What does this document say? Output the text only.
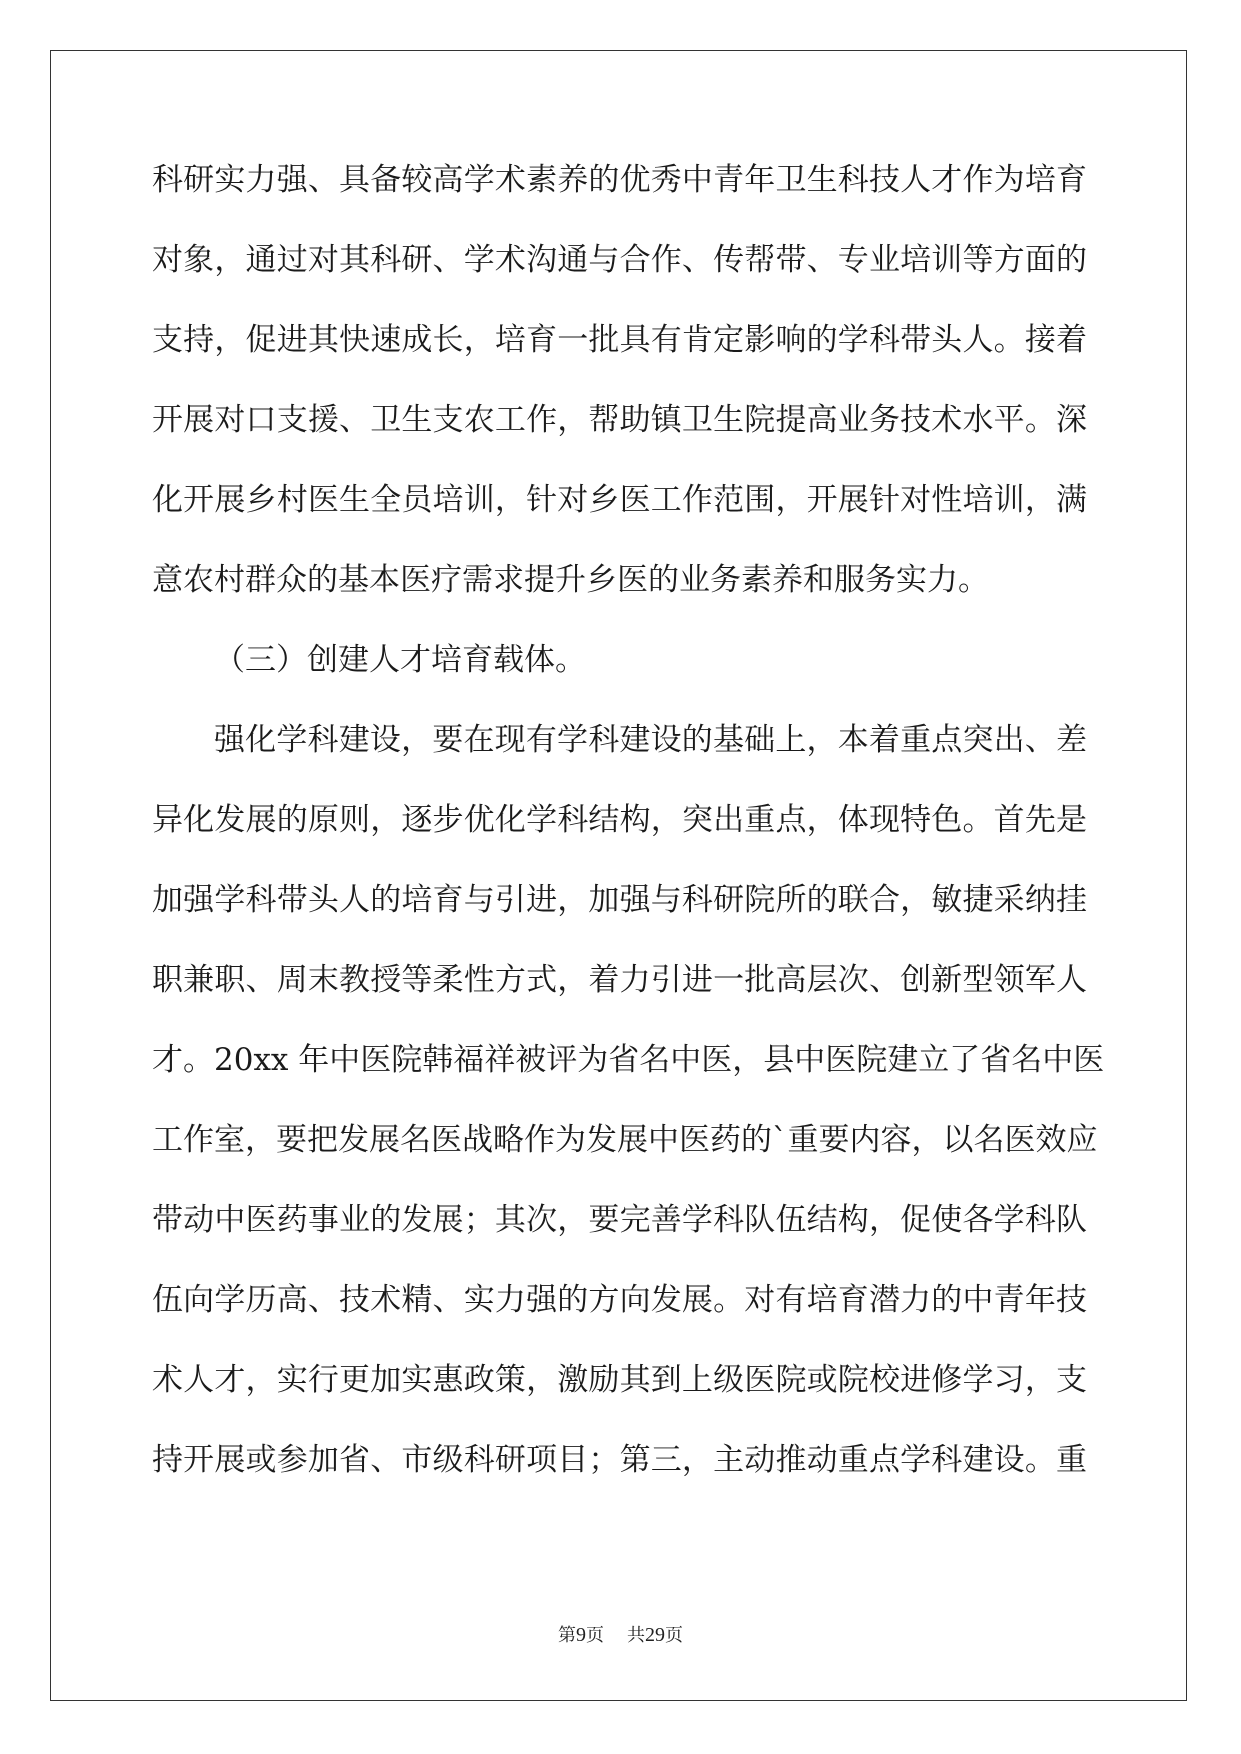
科研实力强、具备较高学术素养的优秀中青年卫生科技人才作为培育
对象，通过对其科研、学术沟通与合作、传帮带、专业培训等方面的
支持，促进其快速成长，培育一批具有肯定影响的学科带头人。接着
开展对口支援、卫生支农工作，帮助镇卫生院提高业务技术水平。深
化开展乡村医生全员培训，针对乡医工作范围，开展针对性培训，满
意农村群众的基本医疗需求提升乡医的业务素养和服务实力。
（三）创建人才培育载体。
强化学科建设，要在现有学科建设的基础上，本着重点突出、差
异化发展的原则，逐步优化学科结构，突出重点，体现特色。首先是
加强学科带头人的培育与引进，加强与科研院所的联合，敏捷采纳挂
职兼职、周末教授等柔性方式，着力引进一批高层次、创新型领军人
才。20xx 年中医院韩福祥被评为省名中医，县中医院建立了省名中医
工作室，要把发展名医战略作为发展中医药的`重要内容，以名医效应
带动中医药事业的发展；其次，要完善学科队伍结构，促使各学科队
伍向学历高、技术精、实力强的方向发展。对有培育潜力的中青年技
术人才，实行更加实惠政策，激励其到上级医院或院校进修学习，支
持开展或参加省、市级科研项目；第三，主动推动重点学科建设。重
第9页 共29页
